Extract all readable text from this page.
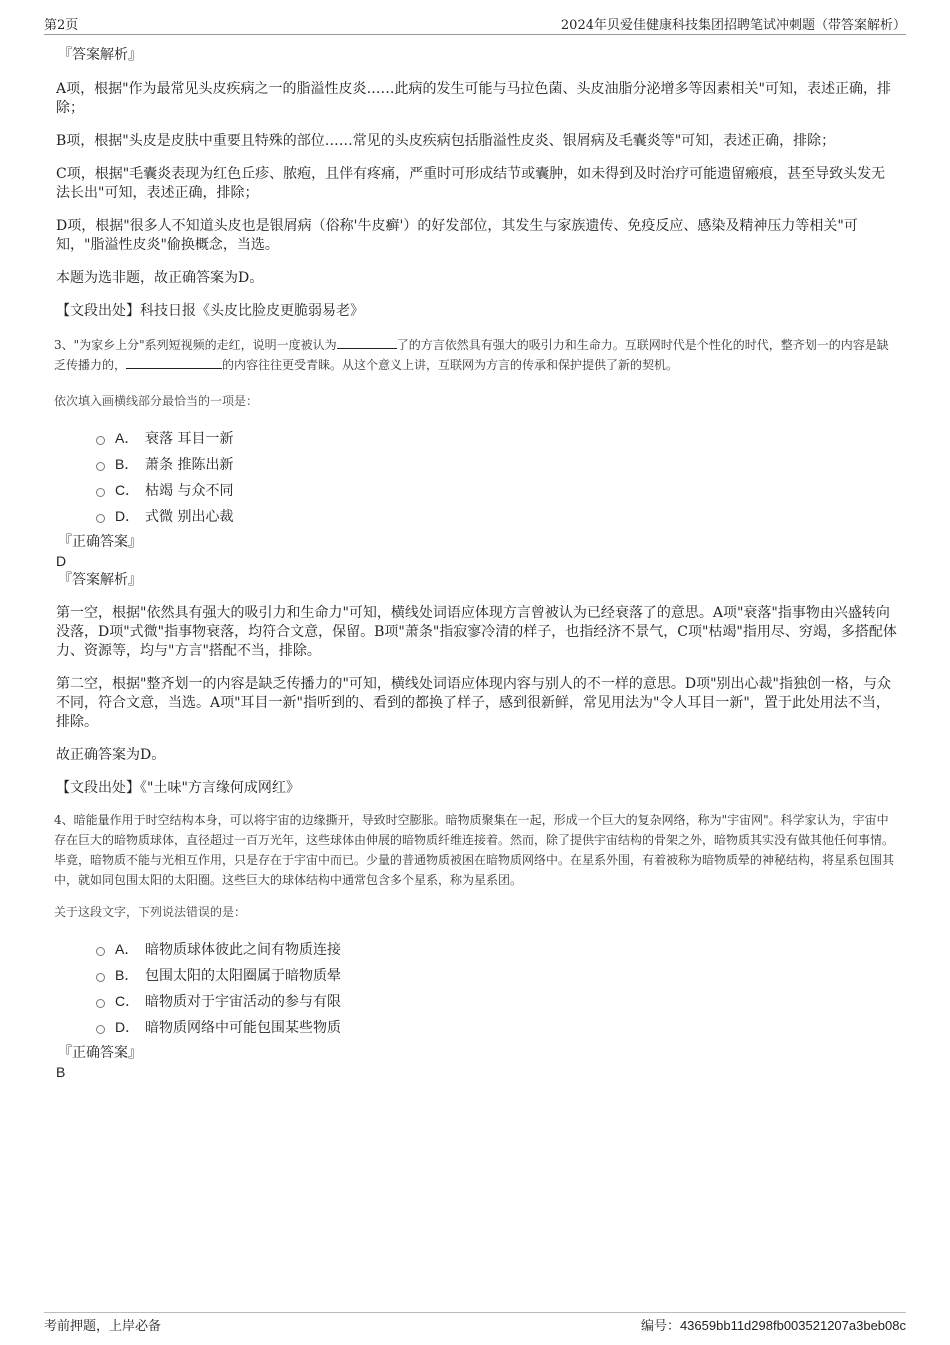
第2页	2024年贝爱佳健康科技集团招聘笔试冲刺题（带答案解析）
『答案解析』

A项，根据"作为最常见头皮疾病之一的脂溢性皮炎……此病的发生可能与马拉色菌、头皮油脂分泌增多等因素相关"可知，表述正确，排除；

B项，根据"头皮是皮肤中重要且特殊的部位……常见的头皮疾病包括脂溢性皮炎、银屑病及毛囊炎等"可知，表述正确，排除；

C项，根据"毛囊炎表现为红色丘疹、脓疱，且伴有疼痛，严重时可形成结节或囊肿，如未得到及时治疗可能遗留瘢痕，甚至导致头发无法长出"可知，表述正确，排除；

D项，根据"很多人不知道头皮也是银屑病（俗称'牛皮癣'）的好发部位，其发生与家族遗传、免疫反应、感染及精神压力等相关"可知，"脂溢性皮炎"偷换概念，当选。

本题为选非题，故正确答案为D。

【文段出处】科技日报《头皮比脸皮更脆弱易老》

3、"为家乡上分"系列短视频的走红，说明一度被认为	了的方言依然具有强大的吸引力和生命力。互联网时代是个性化的时代，整齐划一的内容是缺乏传播力的，	的内容往往更受青睐。从这个意义上讲，互联网为方言的传承和保护提供了新的契机。

依次填入画横线部分最恰当的一项是：

A． 衰落 耳目一新
B． 萧条 推陈出新
C． 枯竭 与众不同
D． 式微 别出心裁
『正确答案』
D
『答案解析』

第一空，根据"依然具有强大的吸引力和生命力"可知，横线处词语应体现方言曾被认为已经衰落了的意思。A项"衰落"指事物由兴盛转向没落，D项"式微"指事物衰落，均符合文意，保留。B项"萧条"指寂寥冷清的样子，也指经济不景气，C项"枯竭"指用尽、穷竭，多搭配体力、资源等，均与"方言"搭配不当，排除。

第二空，根据"整齐划一的内容是缺乏传播力的"可知，横线处词语应体现内容与别人的不一样的意思。D项"别出心裁"指独创一格，与众不同，符合文意，当选。A项"耳目一新"指听到的、看到的都换了样子，感到很新鲜，常见用法为"令人耳目一新"，置于此处用法不当，排除。

故正确答案为D。

【文段出处】《"土味"方言缘何成网红》

4、暗能量作用于时空结构本身，可以将宇宙的边缘撕开，导致时空膨胀。暗物质聚集在一起，形成一个巨大的复杂网络，称为"宇宙网"。科学家认为，宇宙中存在巨大的暗物质球体，直径超过一百万光年，这些球体由伸展的暗物质纤维连接着。然而，除了提供宇宙结构的骨架之外，暗物质其实没有做其他任何事情。毕竟，暗物质不能与光相互作用，只是存在于宇宙中而已。少量的普通物质被困在暗物质网络中。在星系外围，有着被称为暗物质晕的神秘结构，将星系包围其中，就如同包围太阳的太阳圈。这些巨大的球体结构中通常包含多个星系，称为星系团。

关于这段文字，下列说法错误的是：

A． 暗物质球体彼此之间有物质连接
B． 包围太阳的太阳圈属于暗物质晕
C． 暗物质对于宇宙活动的参与有限
D． 暗物质网络中可能包围某些物质
『正确答案』
B
考前押题，上岸必备	编号：43659bb11d298fb003521207a3beb08c
